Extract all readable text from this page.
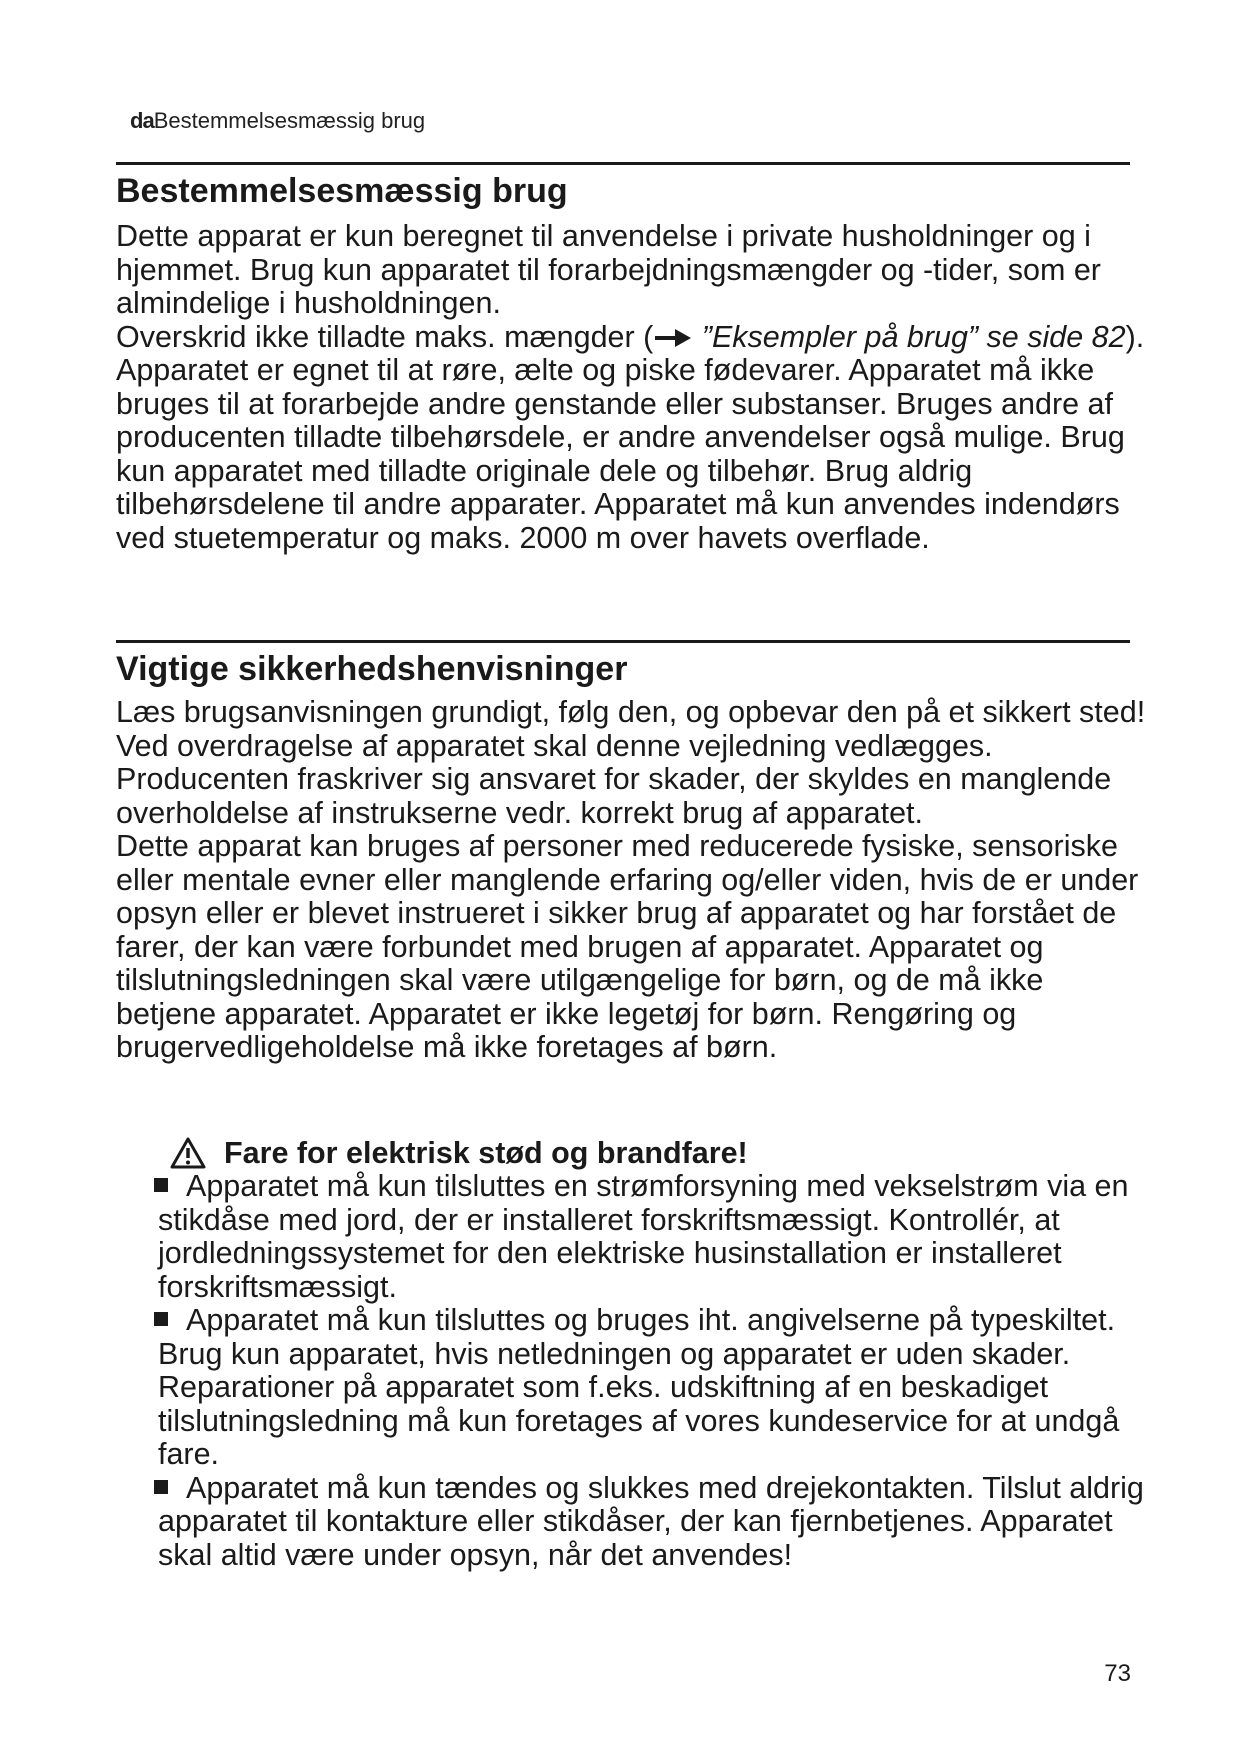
daBestemmelsesmæssig brug
Bestemmelsesmæssig brug

Dette apparat er kun beregnet til anvendelse i private husholdninger og i hjemmet. Brug kun apparatet til forarbejdningsmængder og -tider, som er almindelige i husholdningen.

Overskrid ikke tilladte maks. mængder ( ”Eksempler på brug” se side 82).

Apparatet er egnet til at røre, ælte og piske fødevarer. Apparatet må ikke bruges til at forarbejde andre genstande eller substanser. Bruges andre af producenten tilladte tilbehørsdele, er andre anvendelser også mulige. Brug kun apparatet med tilladte originale dele og tilbehør. Brug aldrig tilbehørsdelene til andre apparater. Apparatet må kun anvendes indendørs ved stuetemperatur og maks. 2000 m over havets overflade.

Vigtige sikkerhedshenvisninger

Læs brugsanvisningen grundigt, følg den, og opbevar den på et sikkert sted! Ved overdragelse af apparatet skal denne vejledning vedlægges. Producenten fraskriver sig ansvaret for skader, der skyldes en manglende overholdelse af instrukserne vedr. korrekt brug af apparatet.

Dette apparat kan bruges af personer med reducerede fysiske, sensoriske eller mentale evner eller manglende erfaring og/eller viden, hvis de er under opsyn eller er blevet instrueret i sikker brug af apparatet og har forstået de farer, der kan være forbundet med brugen af apparatet. Apparatet og tilslutningsledningen skal være utilgængelige for børn, og de må ikke betjene apparatet. Apparatet er ikke legetøj for børn. Rengøring og brugervedligeholdelse må ikke foretages af børn.

Fare for elektrisk stød og brandfare!

Apparatet må kun tilsluttes en strømforsyning med vekselstrøm via en stikdåse med jord, der er installeret forskriftsmæssigt. Kontrollér, at jordledningssystemet for den elektriske husinstallation er installeret forskriftsmæssigt.

Apparatet må kun tilsluttes og bruges iht. angivelserne på typeskiltet. Brug kun apparatet, hvis netledningen og apparatet er uden skader. Reparationer på apparatet som f.eks. udskiftning af en beskadiget tilslutningsledning må kun foretages af vores kundeservice for at undgå fare.

Apparatet må kun tændes og slukkes med drejekontakten. Tilslut aldrig apparatet til kontakture eller stikdåser, der kan fjernbetjenes. Apparatet skal altid være under opsyn, når det anvendes!

73
